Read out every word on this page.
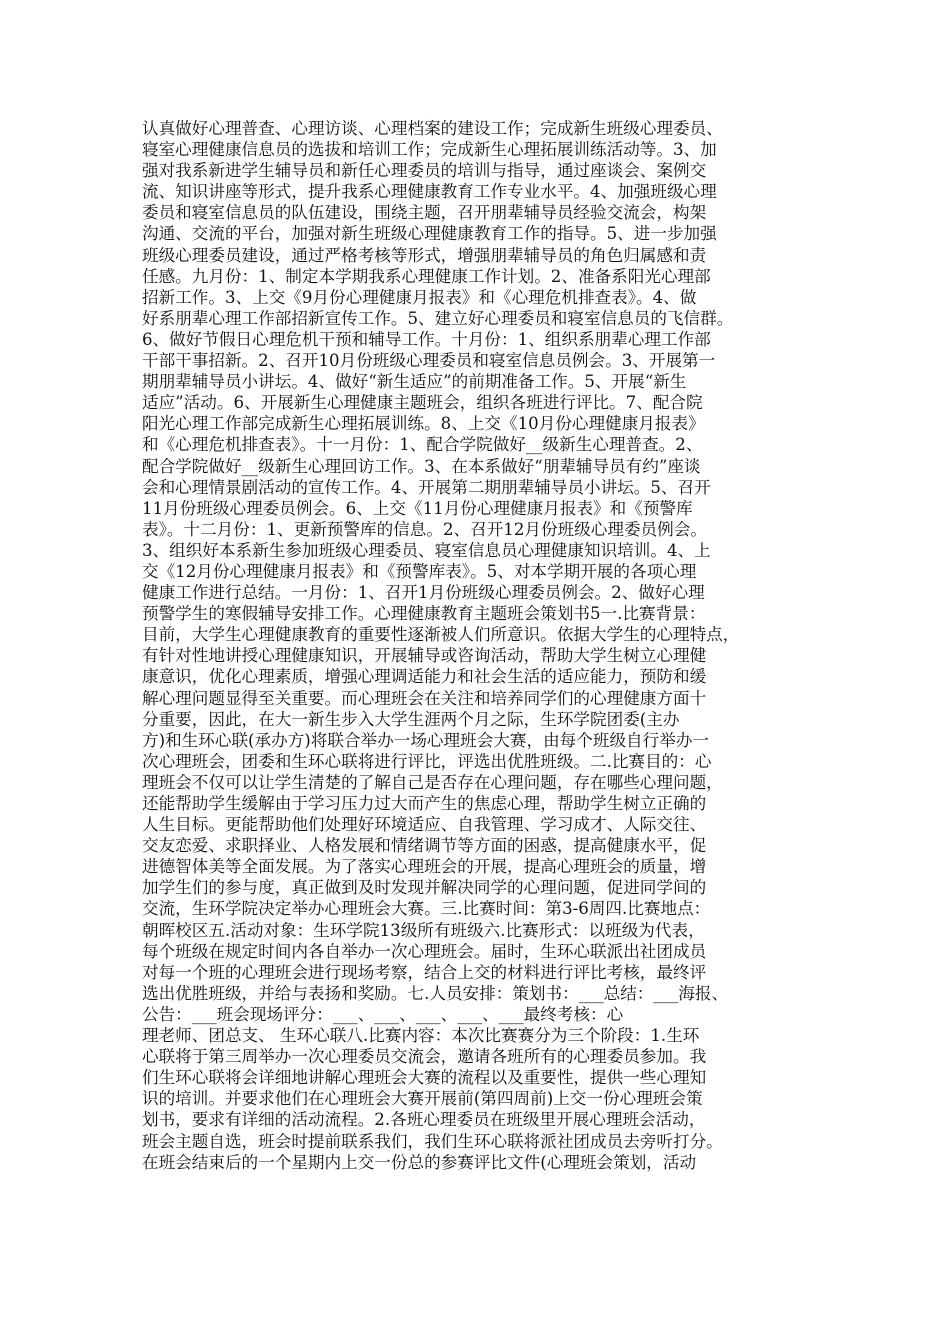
认真做好心理普查、心理访谈、心理档案的建设工作；完成新生班级心理委员、
寝室心理健康信息员的选拔和培训工作；完成新生心理拓展训练活动等。3、加
强对我系新进学生辅导员和新任心理委员的培训与指导，通过座谈会、案例交
流、知识讲座等形式，提升我系心理健康教育工作专业水平。4、加强班级心理
委员和寝室信息员的队伍建设，围绕主题，召开朋辈辅导员经验交流会，构架
沟通、交流的平台，加强对新生班级心理健康教育工作的指导。5、进一步加强
班级心理委员建设，通过严格考核等形式，增强朋辈辅导员的角色归属感和责
任感。九月份：1、制定本学期我系心理健康工作计划。2、准备系阳光心理部
招新工作。3、上交《9月份心理健康月报表》和《心理危机排查表》。4、做
好系朋辈心理工作部招新宣传工作。5、建立好心理委员和寝室信息员的飞信群。
6、做好节假日心理危机干预和辅导工作。十月份：1、组织系朋辈心理工作部
干部干事招新。2、召开10月份班级心理委员和寝室信息员例会。3、开展第一
期朋辈辅导员小讲坛。4、做好“新生适应”的前期准备工作。5、开展“新生
适应”活动。6、开展新生心理健康主题班会，组织各班进行评比。7、配合院
阳光心理工作部完成新生心理拓展训练。8、上交《10月份心理健康月报表》
和《心理危机排查表》。十一月份：1、配合学院做好__级新生心理普查。2、
配合学院做好__级新生心理回访工作。3、在本系做好“朋辈辅导员有约”座谈
会和心理情景剧活动的宣传工作。4、开展第二期朋辈辅导员小讲坛。5、召开
11月份班级心理委员例会。6、上交《11月份心理健康月报表》和《预警库
表》。十二月份：1、更新预警库的信息。2、召开12月份班级心理委员例会。
3、组织好本系新生参加班级心理委员、寝室信息员心理健康知识培训。4、上
交《12月份心理健康月报表》和《预警库表》。5、对本学期开展的各项心理
健康工作进行总结。一月份：1、召开1月份班级心理委员例会。2、做好心理
预警学生的寒假辅导安排工作。心理健康教育主题班会策划书5一.比赛背景：
目前，大学生心理健康教育的重要性逐渐被人们所意识。依据大学生的心理特点，
有针对性地讲授心理健康知识，开展辅导或咨询活动，帮助大学生树立心理健
康意识，优化心理素质，增强心理调适能力和社会生活的适应能力，预防和缓
解心理问题显得至关重要。而心理班会在关注和培养同学们的心理健康方面十
分重要，因此，在大一新生步入大学生涯两个月之际，生环学院团委(主办
方)和生环心联(承办方)将联合举办一场心理班会大赛，由每个班级自行举办一
次心理班会，团委和生环心联将进行评比，评选出优胜班级。二.比赛目的：心
理班会不仅可以让学生清楚的了解自己是否存在心理问题，存在哪些心理问题，
还能帮助学生缓解由于学习压力过大而产生的焦虑心理，帮助学生树立正确的
人生目标。更能帮助他们处理好环境适应、自我管理、学习成才、人际交往、
交友恋爱、求职择业、人格发展和情绪调节等方面的困惑，提高健康水平，促
进德智体美等全面发展。为了落实心理班会的开展，提高心理班会的质量，增
加学生们的参与度，真正做到及时发现并解决同学的心理问题，促进同学间的
交流，生环学院决定举办心理班会大赛。三.比赛时间：第3-6周四.比赛地点：
朝晖校区五.活动对象：生环学院13级所有班级六.比赛形式：以班级为代表，
每个班级在规定时间内各自举办一次心理班会。届时，生环心联派出社团成员
对每一个班的心理班会进行现场考察，结合上交的材料进行评比考核，最终评
选出优胜班级，并给与表扬和奖励。七.人员安排：策划书：___总结：___海报、
公告：___班会现场评分：___、___、___、___、___最终考核：心
理老师、团总支、 生环心联八.比赛内容：本次比赛赛分为三个阶段：1.生环
心联将于第三周举办一次心理委员交流会，邀请各班所有的心理委员参加。我
们生环心联将会详细地讲解心理班会大赛的流程以及重要性，提供一些心理知
识的培训。并要求他们在心理班会大赛开展前(第四周前)上交一份心理班会策
划书，要求有详细的活动流程。2.各班心理委员在班级里开展心理班会活动，
班会主题自选，班会时提前联系我们，我们生环心联将派社团成员去旁听打分。
在班会结束后的一个星期内上交一份总的参赛评比文件(心理班会策划，活动
